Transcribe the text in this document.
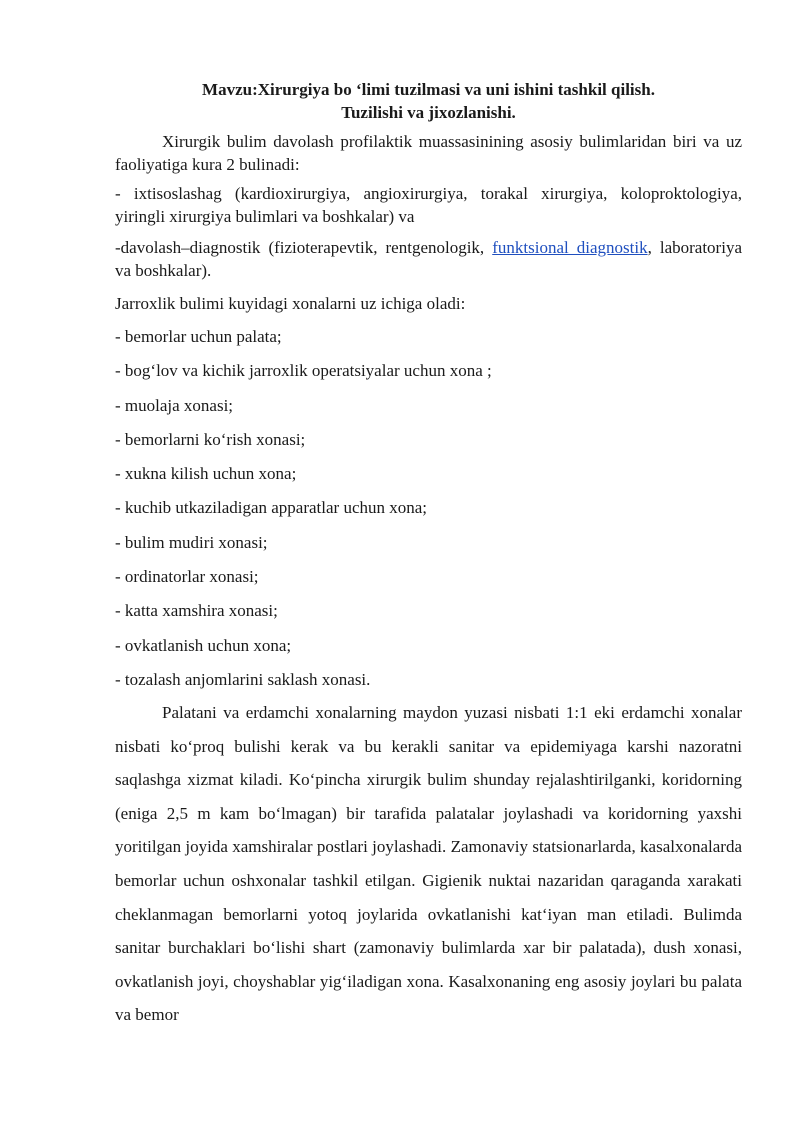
Mavzu:Xirurgiya bo ‘limi tuzilmasi va uni ishini tashkil qilish.
Tuzilishi va jixozlanishi.

Xirurgik bulim davolash profilaktik muassasinining asosiy bulimlaridan biri va uz faoliyatiga kura 2 bulinadi:

- ixtisoslashag (kardioxirurgiya, angioxirurgiya, torakal xirurgiya, koloproktologiya, yiringli xirurgiya bulimlari va boshkalar) va

-davolash–diagnostik (fizioterapevtik, rentgenologik, funktsional diagnostik, laboratoriya va boshkalar).

Jarroxlik bulimi kuyidagi xonalarni uz ichiga oladi:

- bemorlar uchun palata;

- bog‘lov va kichik jarroxlik operatsiyalar uchun xona ;

- muolaja xonasi;

- bemorlarni ko‘rish xonasi;

- xukna kilish uchun xona;

- kuchib utkaziladigan apparatlar uchun xona;

- bulim mudiri xonasi;

- ordinatorlar xonasi;

- katta xamshira xonasi;

- ovkatlanish uchun xona;

- tozalash anjomlarini saklash xonasi.

Palatani va erdamchi xonalarning maydon yuzasi nisbati 1:1 eki erdamchi xonalar nisbati ko‘proq bulishi kerak va bu kerakli sanitar va epidemiyaga karshi nazoratni saqlashga xizmat kiladi. Ko‘pincha xirurgik bulim shunday rejalashtirilganki, koridorning (eniga 2,5 m kam bo‘lmagan) bir tarafida palatalar joylashadi va koridorning yaxshi yoritilgan joyida xamshiralar postlari joylashadi. Zamonaviy statsionarlarda, kasalxonalarda bemorlar uchun oshxonalar tashkil etilgan. Gigienik nuktai nazaridan qaraganda xarakati cheklanmagan bemorlarni yotoq joylarida ovkatlanishi kat‘iyan man etiladi. Bulimda sanitar burchaklari bo‘lishi shart (zamonaviy bulimlarda xar bir palatada), dush xonasi, ovkatlanish joyi, choyshablar yig‘iladigan xona. Kasalxonaning eng asosiy joylari bu palata va bemor
